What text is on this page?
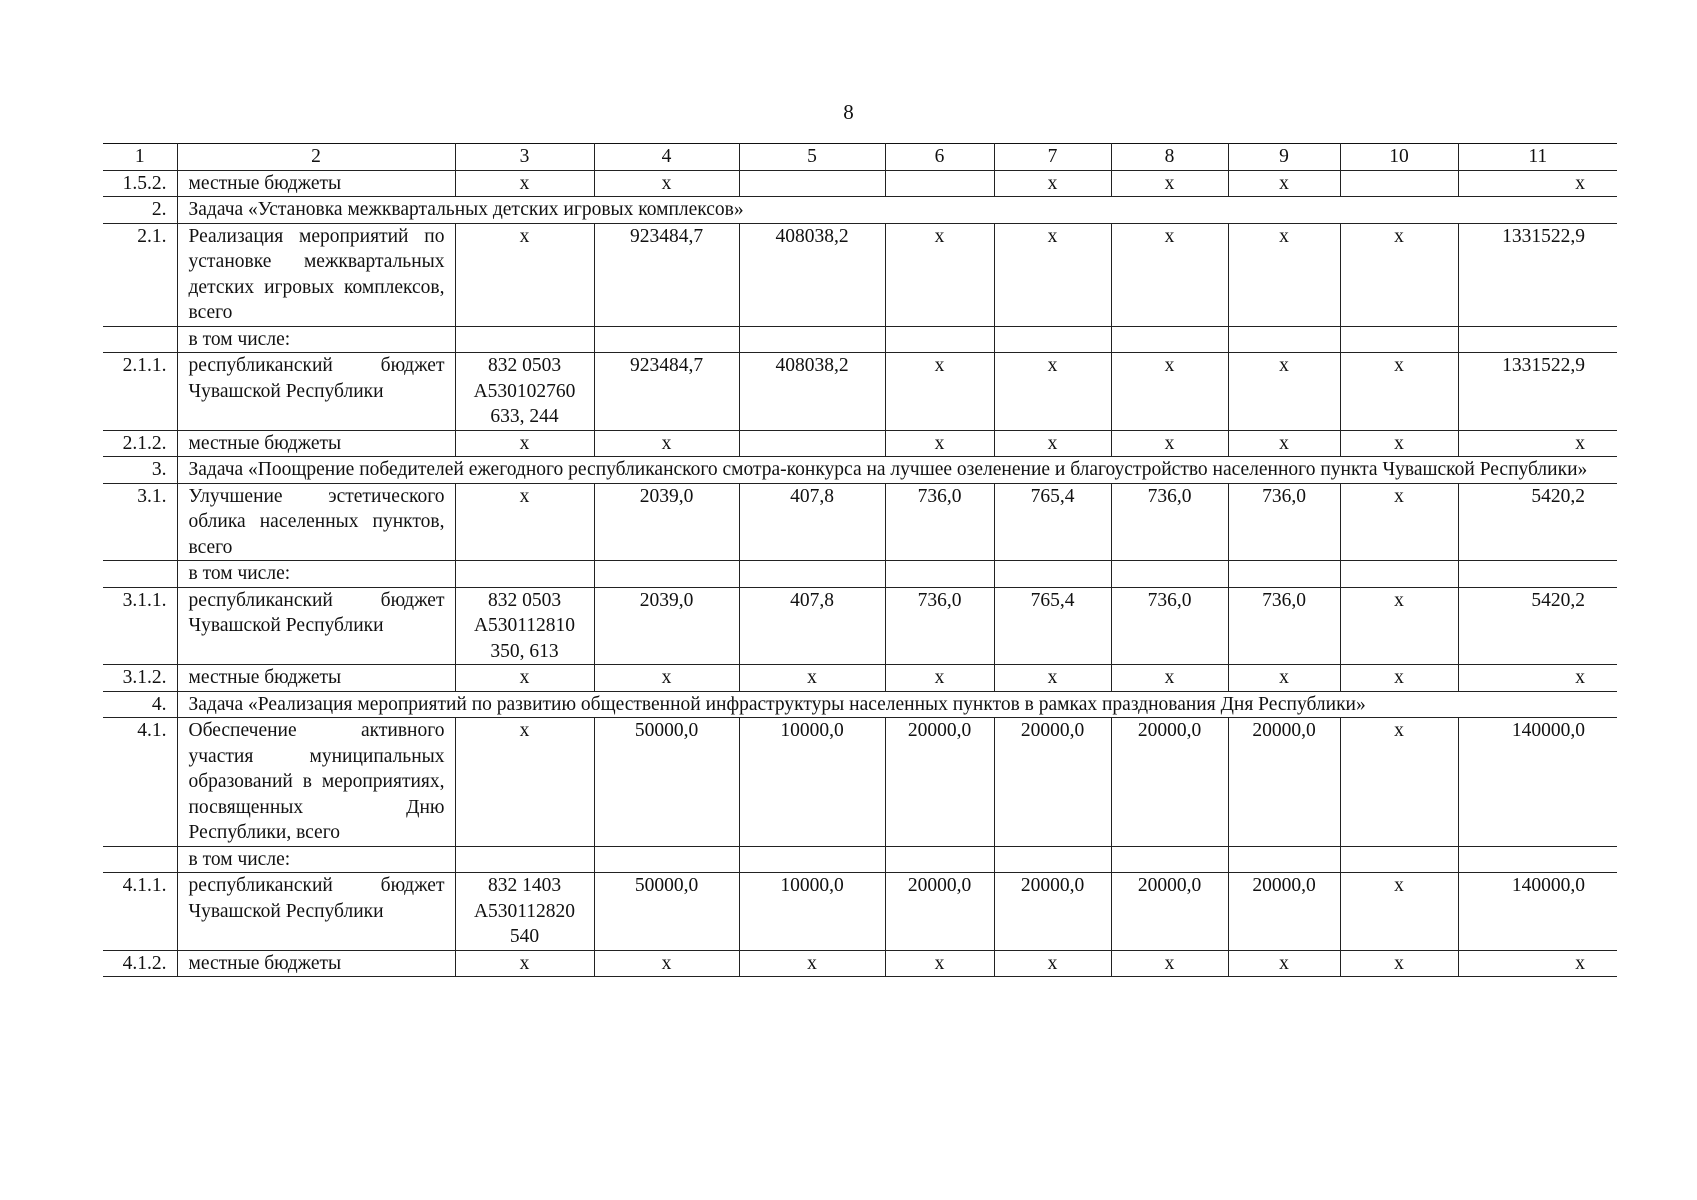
8
1	2	3	4	5	6	7	8	9	10	11
1.5.2.	местные бюджеты	х	х			х	х	х		х
2.	Задача «Установка межквартальных детских игровых комплексов»									
2.1.	Реализация мероприятий по установке межквартальных детских игровых комплексов, всего	х	923484,7	408038,2	х	х	х	х	х	1331522,9
	в том числе:									
2.1.1.	республиканский бюджет Чувашской Республики	832 0503 А530102760 633, 244	923484,7	408038,2	х	х	х	х	х	1331522,9
2.1.2.	местные бюджеты	х	х		х	х	х	х	х	х
3.	Задача «Поощрение победителей ежегодного республиканского смотра-конкурса на лучшее озеленение и благоустройство населенного пункта Чувашской Республики»									
3.1.	Улучшение эстетического облика населенных пунктов, всего	х	2039,0	407,8	736,0	765,4	736,0	736,0	х	5420,2
	в том числе:									
3.1.1.	республиканский бюджет Чувашской Республики	832 0503 А530112810 350, 613	2039,0	407,8	736,0	765,4	736,0	736,0	х	5420,2
3.1.2.	местные бюджеты	х	х	х	х	х	х	х	х	х
4.	Задача «Реализация мероприятий по развитию общественной инфраструктуры населенных пунктов в рамках празднования Дня Республики»									
4.1.	Обеспечение активного участия муниципальных образований в мероприятиях, посвященных Дню Республики, всего	х	50000,0	10000,0	20000,0	20000,0	20000,0	20000,0	х	140000,0
	в том числе:									
4.1.1.	республиканский бюджет Чувашской Республики	832 1403 А530112820 540	50000,0	10000,0	20000,0	20000,0	20000,0	20000,0	х	140000,0
4.1.2.	местные бюджеты	х	х	х	х	х	х	х	х	х
